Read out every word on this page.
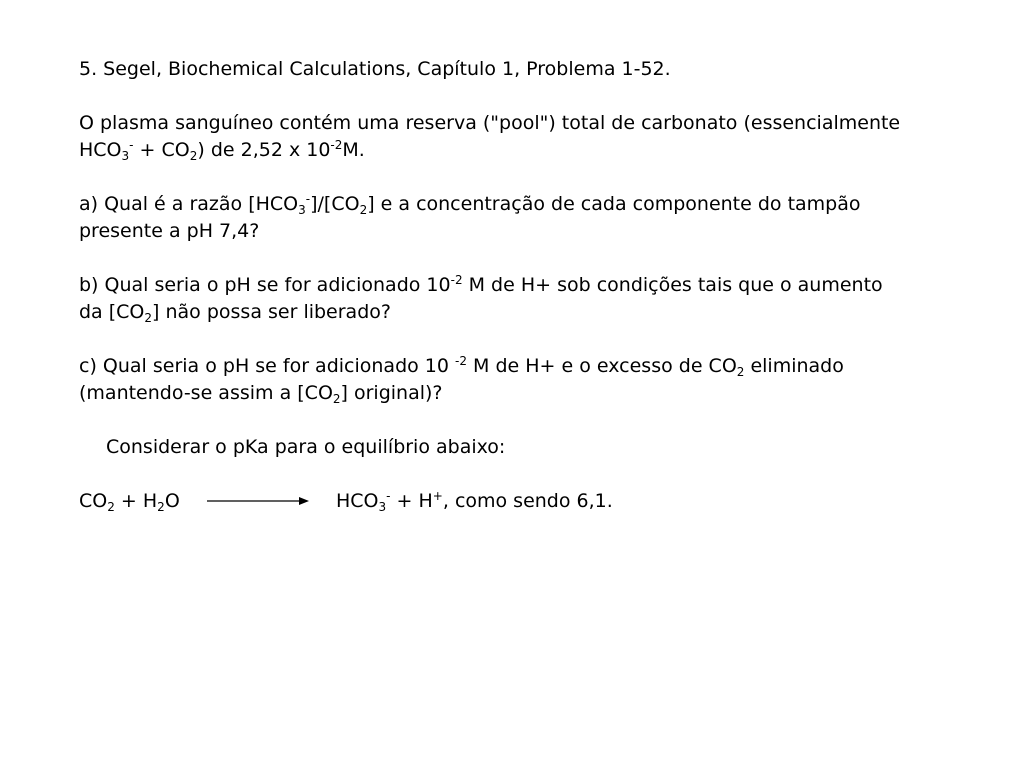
5. Segel, Biochemical Calculations, Capítulo 1, Problema 1-52.

O plasma sanguíneo contém uma reserva ("pool") total de carbonato (essencialmente
$HCO_3^- + CO_2$) de 2,52 x $10^{-2}M$.

a) Qual é a razão $[HCO_3^-]/[CO_2]$ e a concentração de cada componente do tampão
presente a pH 7,4?

b) Qual seria o pH se for adicionado $10^{-2}$ M de H+ sob condições tais que o aumento
da $[CO_2]$ não possa ser liberado?

c) Qual seria o pH se for adicionado 10 $^{-2}$ M de H+ e o excesso de $CO_2$ eliminado
(mantendo-se assim a $[CO_2]$ original)?

Considerar o pKa para o equilíbrio abaixo:

$CO_2 + H_2O$	$HCO_3^- + H^+$, como sendo 6,1.
